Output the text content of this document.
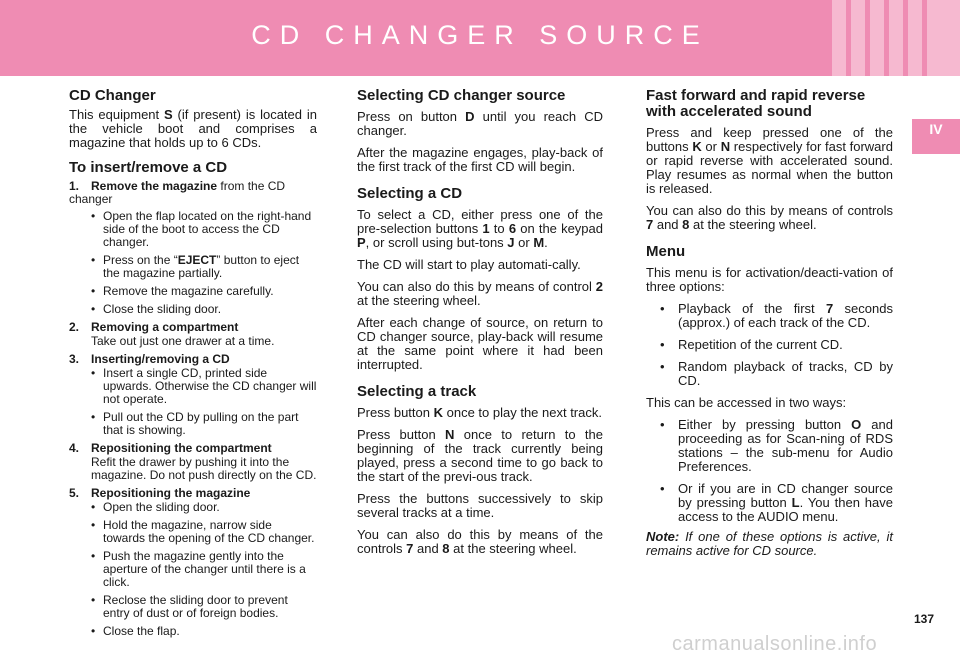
CD CHANGER SOURCE
IV
CD Changer

This equipment S (if present) is located in the vehicle boot and comprises a magazine that holds up to 6 CDs.

To insert/remove a CD
1. Remove the magazine from the CD changer
• Open the flap located on the right-hand side of the boot to access the CD changer.
• Press on the “EJECT” button to eject the magazine partially.
• Remove the magazine carefully.
• Close the sliding door.
2. Removing a compartment
Take out just one drawer at a time.
3. Inserting/removing a CD
• Insert a single CD, printed side upwards. Otherwise the CD changer will not operate.
• Pull out the CD by pulling on the part that is showing.
4. Repositioning the compartment
Refit the drawer by pushing it into the magazine. Do not push directly on the CD.
5. Repositioning the magazine
• Open the sliding door.
• Hold the magazine, narrow side towards the opening of the CD changer.
• Push the magazine gently into the aperture of the changer until there is a click.
• Reclose the sliding door to prevent entry of dust or of foreign bodies.
• Close the flap.
Selecting CD changer source

Press on button D until you reach CD changer.

After the magazine engages, play-back of the first track of the first CD will begin.

Selecting a CD

To select a CD, either press one of the pre-selection buttons 1 to 6 on the keypad P, or scroll using but-tons J or M.

The CD will start to play automati-cally.

You can also do this by means of control 2 at the steering wheel.

After each change of source, on return to CD changer source, play-back will resume at the same point where it had been interrupted.

Selecting a track

Press button K once to play the next track.

Press button N once to return to the beginning of the track currently being played, press a second time to go back to the start of the previ-ous track.

Press the buttons successively to skip several tracks at a time.

You can also do this by means of the controls 7 and 8 at the steering wheel.

Fast forward and rapid reverse with accelerated sound

Press and keep pressed one of the buttons K or N respectively for fast forward or rapid reverse with accelerated sound. Play resumes as normal when the button is released.

You can also do this by means of controls 7 and 8 at the steering wheel.

Menu

This menu is for activation/deacti-vation of three options:

• Playback of the first 7 seconds (approx.) of each track of the CD.
• Repetition of the current CD.
• Random playback of tracks, CD by CD.

This can be accessed in two ways:

• Either by pressing button O and proceeding as for Scan-ning of RDS stations – the sub-menu for Audio Preferences.
• Or if you are in CD changer source by pressing button L. You then have access to the AUDIO menu.

Note: If one of these options is active, it remains active for CD source.

137
carmanualsonline.info
